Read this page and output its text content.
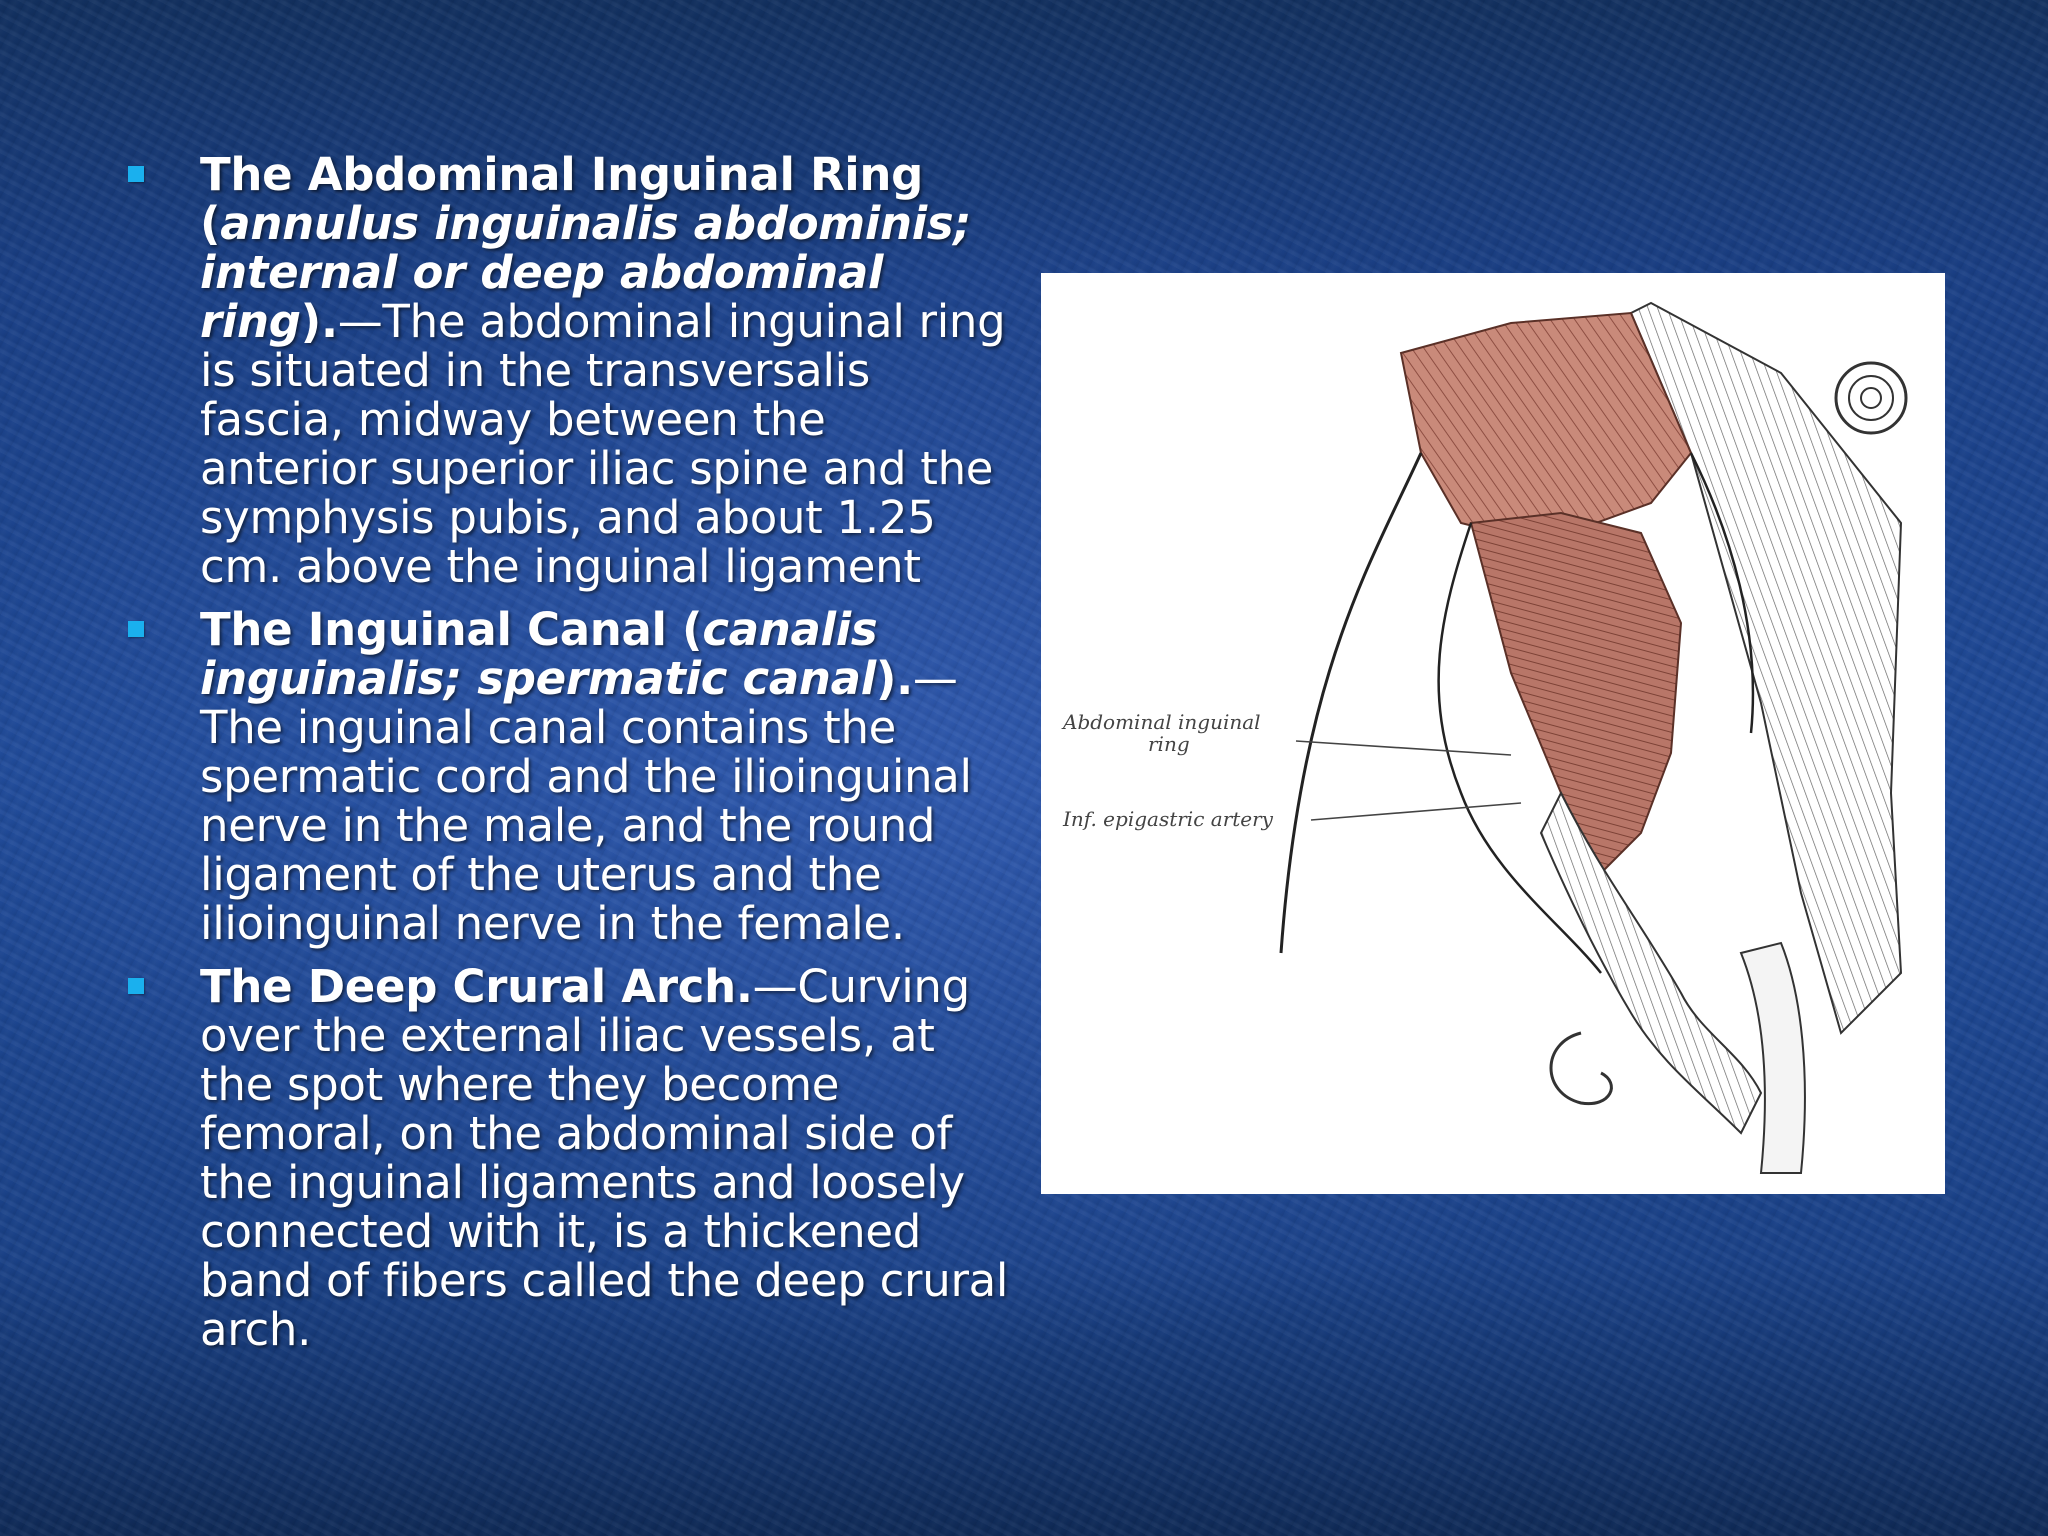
The Abdominal Inguinal Ring (annulus inguinalis abdominis; internal or deep abdominal ring).—The abdominal inguinal ring is situated in the transversalis fascia, midway between the anterior superior iliac spine and the symphysis pubis, and about 1.25 cm. above the inguinal ligament
The Inguinal Canal (canalis inguinalis; spermatic canal).— The inguinal canal contains the spermatic cord and the ilioinguinal nerve in the male, and the round ligament of the uterus and the ilioinguinal nerve in the female.
The Deep Crural Arch.—Curving over the external iliac vessels, at the spot where they become femoral, on the abdominal side of the inguinal ligaments and loosely connected with it, is a thickened band of fibers called the deep crural arch.
Abdominal inguinal
ring
Inf. epigastric artery
